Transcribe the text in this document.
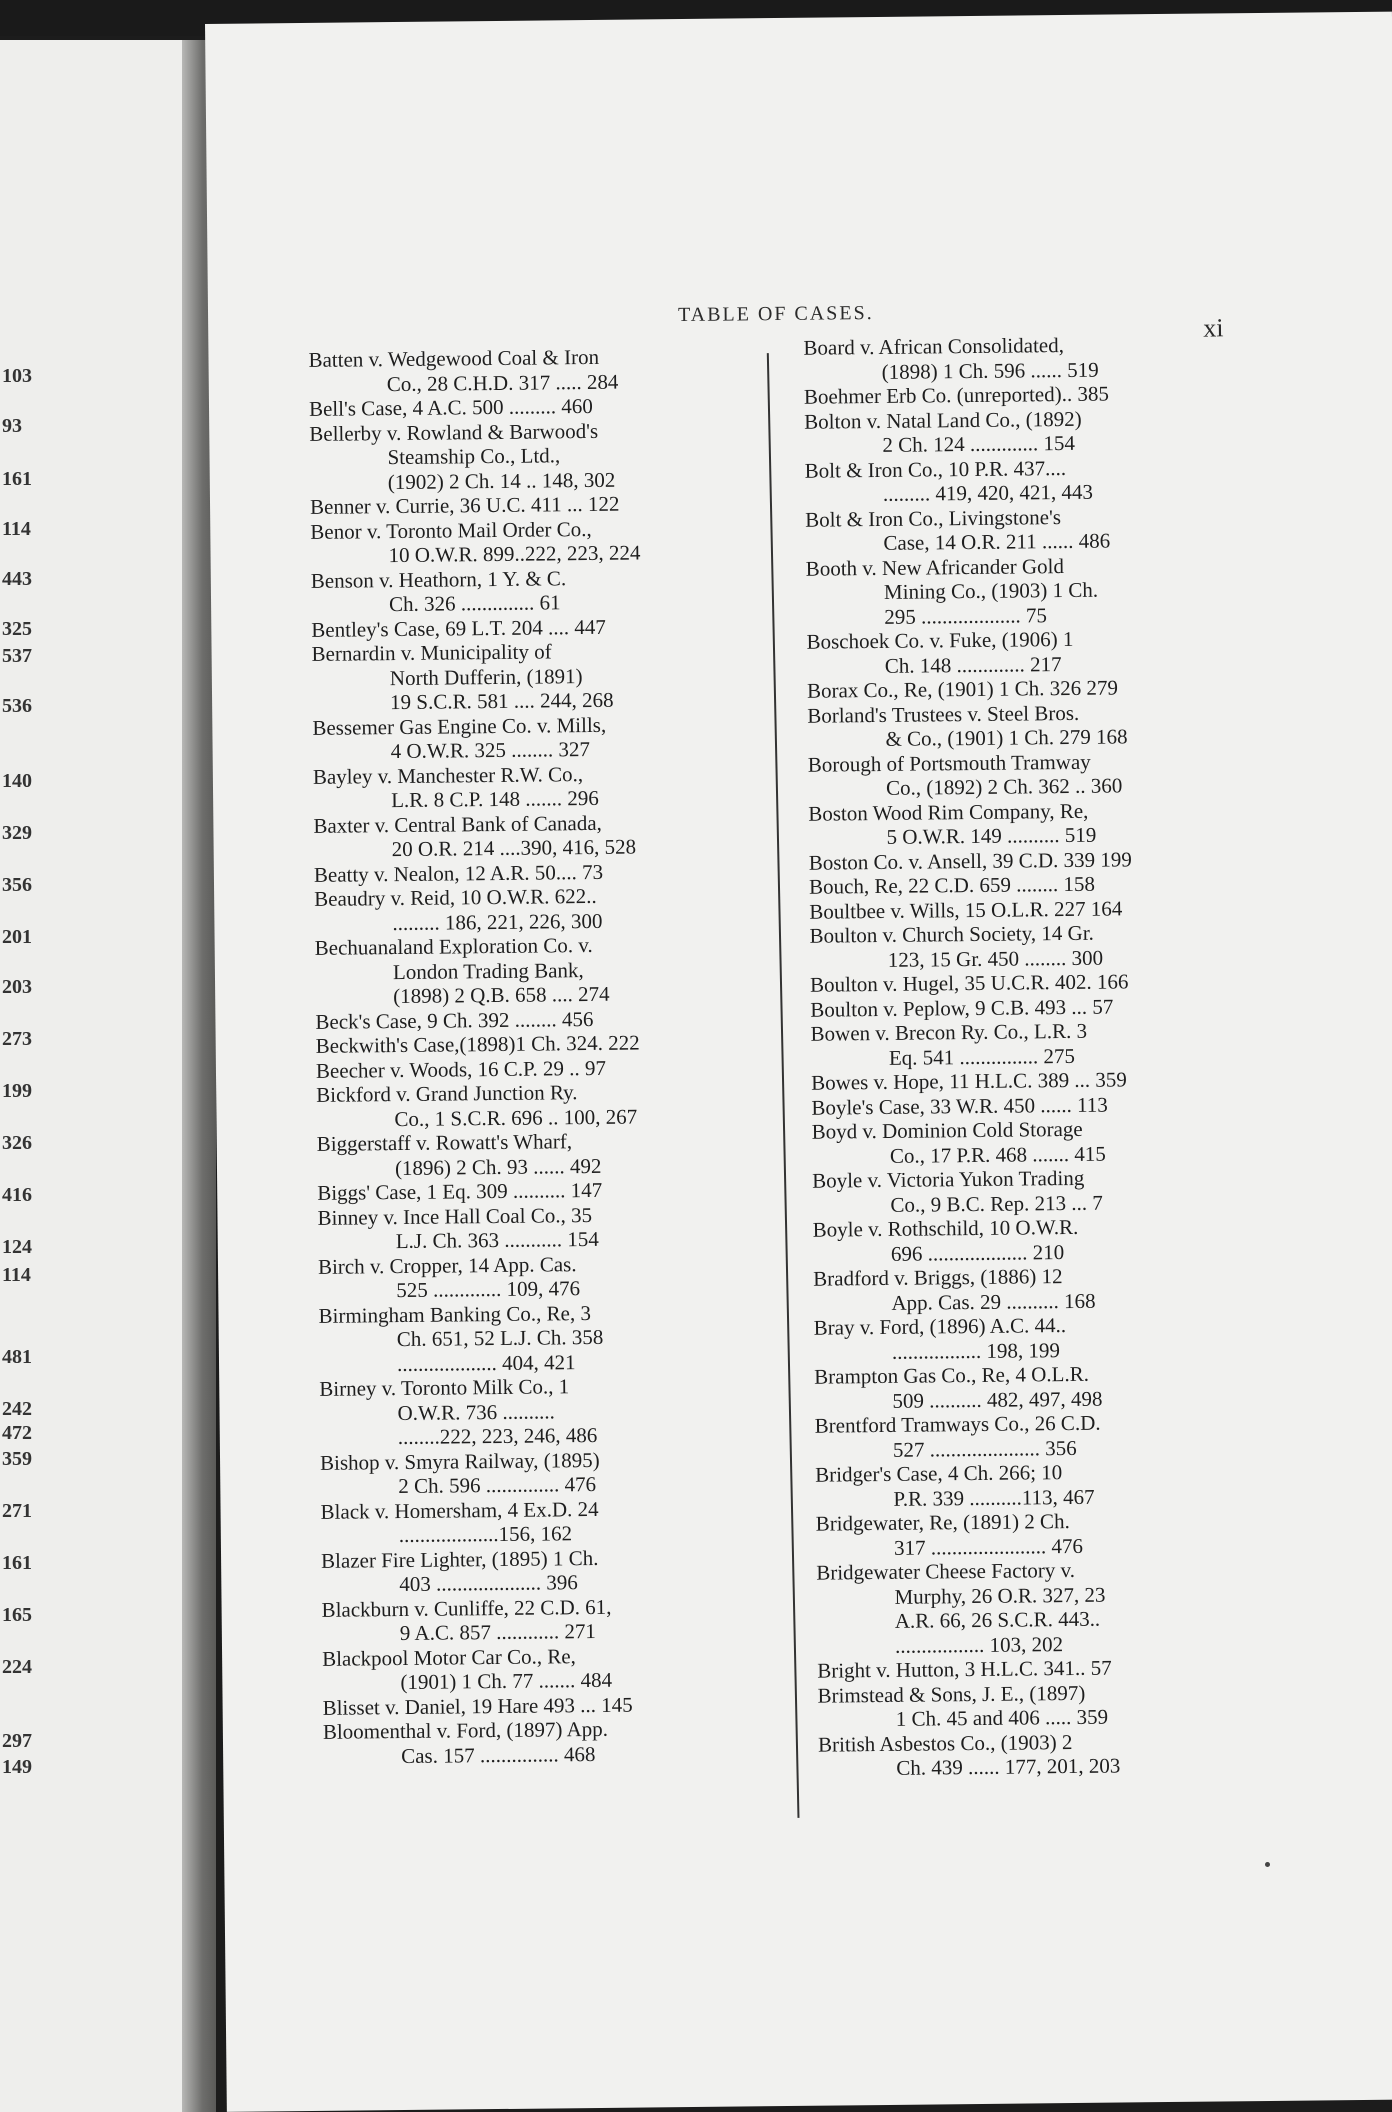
103
93
161
114
443
325
537
536
140
329
356
201
203
273
199
326
416
124
114
481
242
472
359
271
161
165
224
297
149
TABLE OF CASES.	xi
Batten v. Wedgewood Coal & Iron
Co., 28 C.H.D. 317 ..... 284
Bell's Case, 4 A.C. 500 ......... 460
Bellerby v. Rowland & Barwood's
Steamship Co., Ltd.,
(1902) 2 Ch. 14 .. 148, 302
Benner v. Currie, 36 U.C. 411 ... 122
Benor v. Toronto Mail Order Co.,
10 O.W.R. 899..222, 223, 224
Benson v. Heathorn, 1 Y. & C.
Ch. 326 .............. 61
Bentley's Case, 69 L.T. 204 .... 447
Bernardin v. Municipality of
North Dufferin, (1891)
19 S.C.R. 581 .... 244, 268
Bessemer Gas Engine Co. v. Mills,
4 O.W.R. 325 ........ 327
Bayley v. Manchester R.W. Co.,
L.R. 8 C.P. 148 ....... 296
Baxter v. Central Bank of Canada,
20 O.R. 214 ....390, 416, 528
Beatty v. Nealon, 12 A.R. 50.... 73
Beaudry v. Reid, 10 O.W.R. 622..
......... 186, 221, 226, 300
Bechuanaland Exploration Co. v.
London Trading Bank,
(1898) 2 Q.B. 658 .... 274
Beck's Case, 9 Ch. 392 ........ 456
Beckwith's Case,(1898)1 Ch. 324. 222
Beecher v. Woods, 16 C.P. 29 .. 97
Bickford v. Grand Junction Ry.
Co., 1 S.C.R. 696 .. 100, 267
Biggerstaff v. Rowatt's Wharf,
(1896) 2 Ch. 93 ...... 492
Biggs' Case, 1 Eq. 309 .......... 147
Binney v. Ince Hall Coal Co., 35
L.J. Ch. 363 ........... 154
Birch v. Cropper, 14 App. Cas.
525 ............. 109, 476
Birmingham Banking Co., Re, 3
Ch. 651, 52 L.J. Ch. 358
................... 404, 421
Birney v. Toronto Milk Co., 1
O.W.R. 736 ..........
........222, 223, 246, 486
Bishop v. Smyra Railway, (1895)
2 Ch. 596 .............. 476
Black v. Homersham, 4 Ex.D. 24
...................156, 162
Blazer Fire Lighter, (1895) 1 Ch.
403 .................... 396
Blackburn v. Cunliffe, 22 C.D. 61,
9 A.C. 857 ............ 271
Blackpool Motor Car Co., Re,
(1901) 1 Ch. 77 ....... 484
Blisset v. Daniel, 19 Hare 493 ... 145
Bloomenthal v. Ford, (1897) App.
Cas. 157 ............... 468
Board v. African Consolidated,
(1898) 1 Ch. 596 ...... 519
Boehmer Erb Co. (unreported).. 385
Bolton v. Natal Land Co., (1892)
2 Ch. 124 ............. 154
Bolt & Iron Co., 10 P.R. 437....
......... 419, 420, 421, 443
Bolt & Iron Co., Livingstone's
Case, 14 O.R. 211 ...... 486
Booth v. New Africander Gold
Mining Co., (1903) 1 Ch.
295 ................... 75
Boschoek Co. v. Fuke, (1906) 1
Ch. 148 ............. 217
Borax Co., Re, (1901) 1 Ch. 326 279
Borland's Trustees v. Steel Bros.
& Co., (1901) 1 Ch. 279 168
Borough of Portsmouth Tramway
Co., (1892) 2 Ch. 362 .. 360
Boston Wood Rim Company, Re,
5 O.W.R. 149 .......... 519
Boston Co. v. Ansell, 39 C.D. 339 199
Bouch, Re, 22 C.D. 659 ........ 158
Boultbee v. Wills, 15 O.L.R. 227 164
Boulton v. Church Society, 14 Gr.
123, 15 Gr. 450 ........ 300
Boulton v. Hugel, 35 U.C.R. 402. 166
Boulton v. Peplow, 9 C.B. 493 ... 57
Bowen v. Brecon Ry. Co., L.R. 3
Eq. 541 ............... 275
Bowes v. Hope, 11 H.L.C. 389 ... 359
Boyle's Case, 33 W.R. 450 ...... 113
Boyd v. Dominion Cold Storage
Co., 17 P.R. 468 ....... 415
Boyle v. Victoria Yukon Trading
Co., 9 B.C. Rep. 213 ... 7
Boyle v. Rothschild, 10 O.W.R.
696 ................... 210
Bradford v. Briggs, (1886) 12
App. Cas. 29 .......... 168
Bray v. Ford, (1896) A.C. 44..
................. 198, 199
Brampton Gas Co., Re, 4 O.L.R.
509 .......... 482, 497, 498
Brentford Tramways Co., 26 C.D.
527 ..................... 356
Bridger's Case, 4 Ch. 266; 10
P.R. 339 ..........113, 467
Bridgewater, Re, (1891) 2 Ch.
317 ...................... 476
Bridgewater Cheese Factory v.
Murphy, 26 O.R. 327, 23
A.R. 66, 26 S.C.R. 443..
................. 103, 202
Bright v. Hutton, 3 H.L.C. 341.. 57
Brimstead & Sons, J. E., (1897)
1 Ch. 45 and 406 ..... 359
British Asbestos Co., (1903) 2
Ch. 439 ...... 177, 201, 203
